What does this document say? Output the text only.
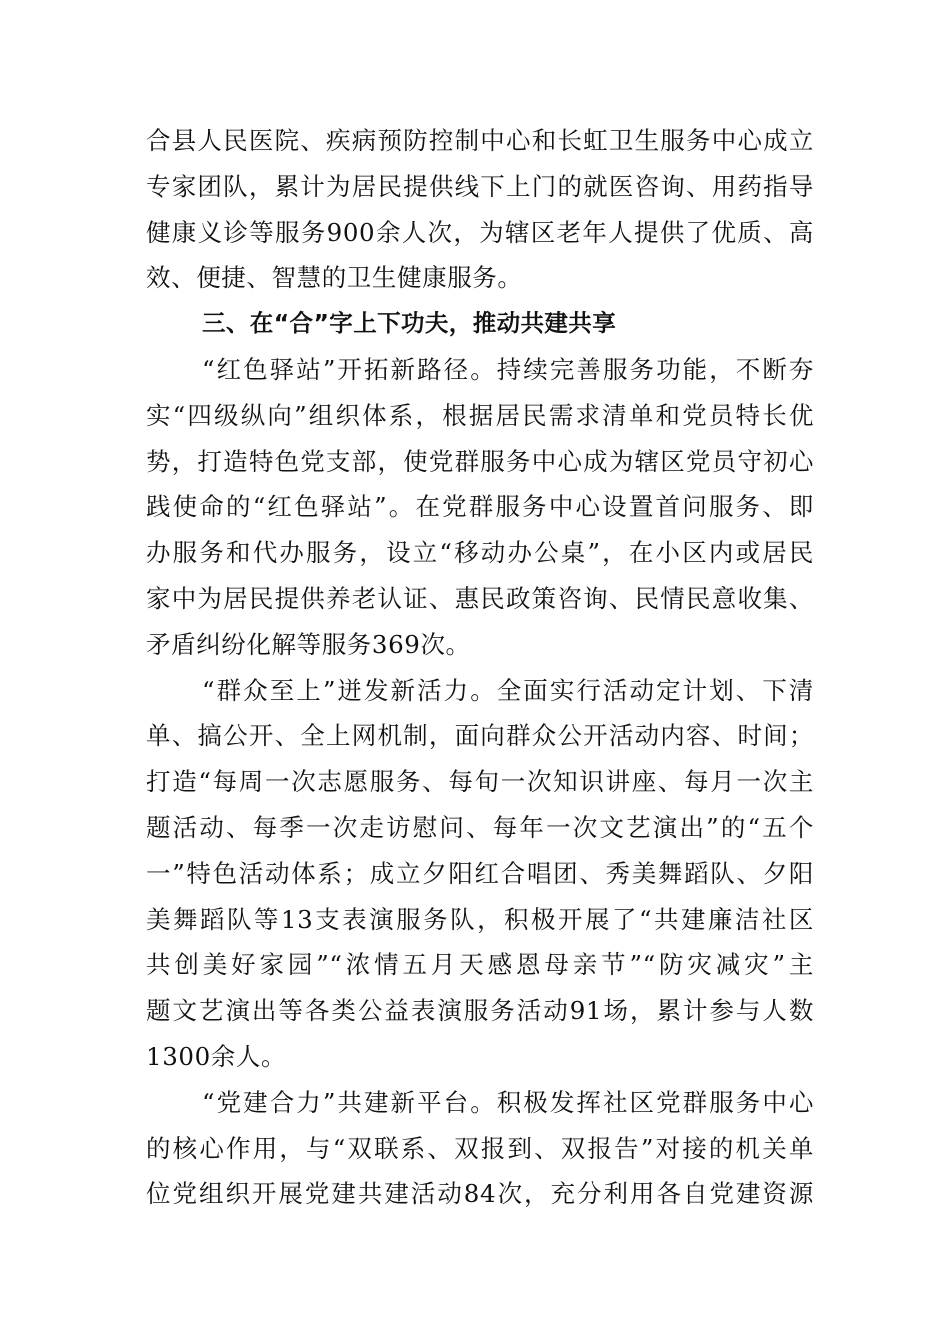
合县人民医院、疾病预防控制中心和长虹卫生服务中心成立
专家团队，累计为居民提供线下上门的就医咨询、用药指导
健康义诊等服务900余人次，为辖区老年人提供了优质、高
效、便捷、智慧的卫生健康服务。
三、在“合”字上下功夫，推动共建共享
“红色驿站”开拓新路径。持续完善服务功能，不断夯
实“四级纵向”组织体系，根据居民需求清单和党员特长优
势，打造特色党支部，使党群服务中心成为辖区党员守初心
践使命的“红色驿站”。在党群服务中心设置首问服务、即
办服务和代办服务，设立“移动办公桌”，在小区内或居民
家中为居民提供养老认证、惠民政策咨询、民情民意收集、
矛盾纠纷化解等服务369次。
“群众至上”迸发新活力。全面实行活动定计划、下清
单、搞公开、全上网机制，面向群众公开活动内容、时间；
打造“每周一次志愿服务、每旬一次知识讲座、每月一次主
题活动、每季一次走访慰问、每年一次文艺演出”的“五个
一”特色活动体系；成立夕阳红合唱团、秀美舞蹈队、夕阳
美舞蹈队等13支表演服务队，积极开展了“共建廉洁社区
共创美好家园”“浓情五月天感恩母亲节”“防灾减灾”主
题文艺演出等各类公益表演服务活动91场，累计参与人数
1300余人。
“党建合力”共建新平台。积极发挥社区党群服务中心
的核心作用，与“双联系、双报到、双报告”对接的机关单
位党组织开展党建共建活动84次，充分利用各自党建资源
